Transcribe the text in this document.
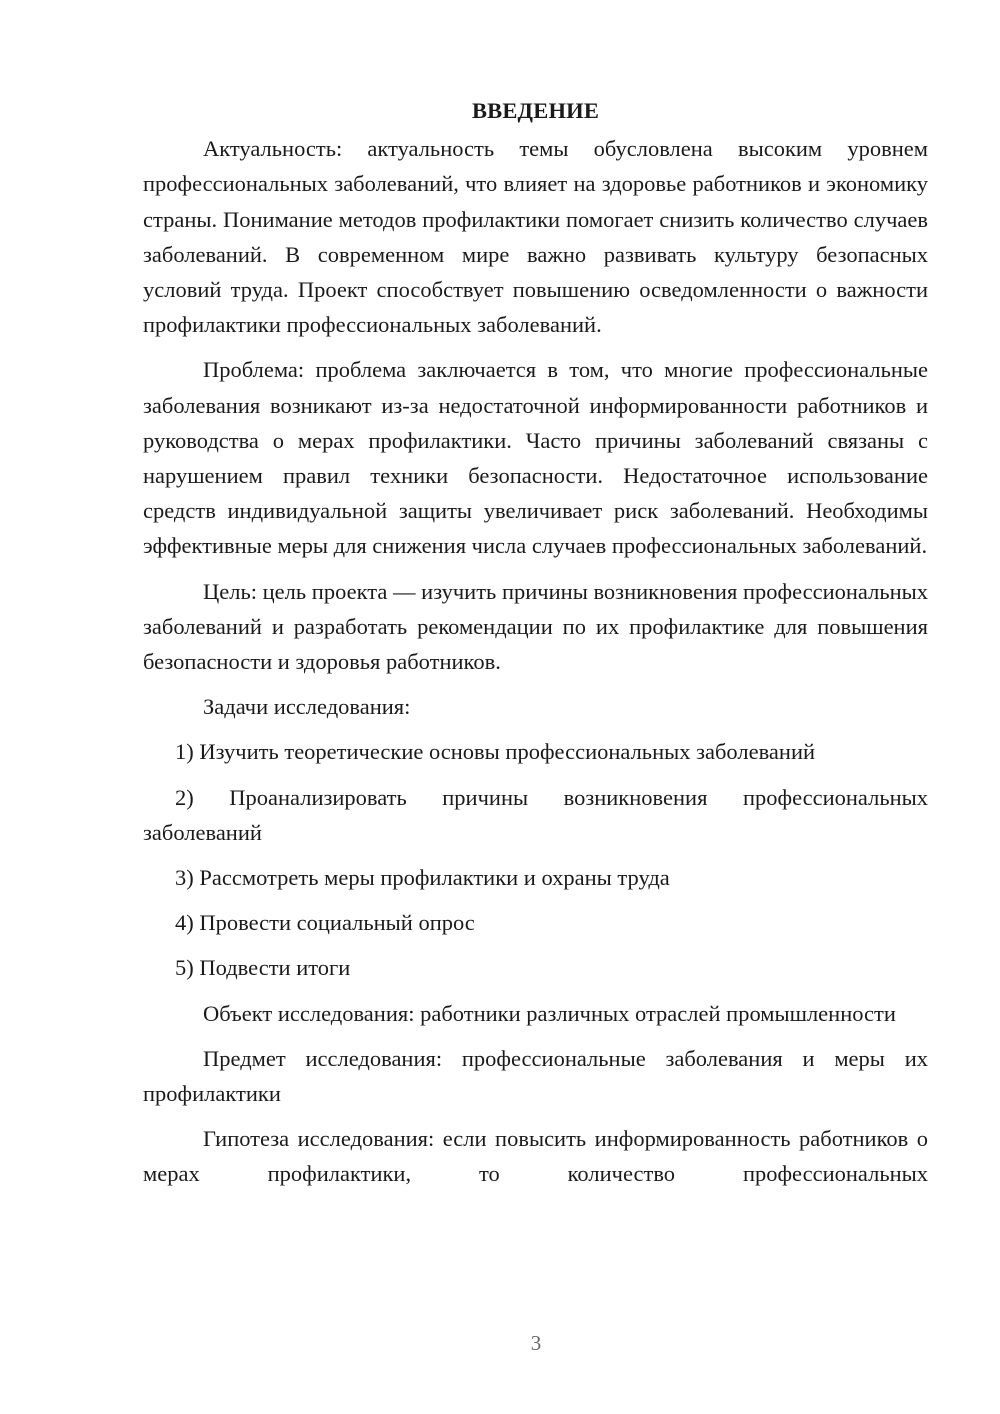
ВВЕДЕНИЕ

Актуальность: актуальность темы обусловлена высоким уровнем профессиональных заболеваний, что влияет на здоровье работников и экономику страны. Понимание методов профилактики помогает снизить количество случаев заболеваний. В современном мире важно развивать культуру безопасных условий труда. Проект способствует повышению осведомленности о важности профилактики профессиональных заболеваний.

Проблема: проблема заключается в том, что многие профессиональные заболевания возникают из-за недостаточной информированности работников и руководства о мерах профилактики. Часто причины заболеваний связаны с нарушением правил техники безопасности. Недостаточное использование средств индивидуальной защиты увеличивает риск заболеваний. Необходимы эффективные меры для снижения числа случаев профессиональных заболеваний.

Цель: цель проекта — изучить причины возникновения профессиональных заболеваний и разработать рекомендации по их профилактике для повышения безопасности и здоровья работников.

Задачи исследования:

1) Изучить теоретические основы профессиональных заболеваний

2) Проанализировать причины возникновения профессиональных заболеваний

3) Рассмотреть меры профилактики и охраны труда

4) Провести социальный опрос

5) Подвести итоги

Объект исследования: работники различных отраслей промышленности

Предмет исследования: профессиональные заболевания и меры их профилактики

Гипотеза исследования: если повысить информированность работников о мерах профилактики, то количество профессиональных

3
